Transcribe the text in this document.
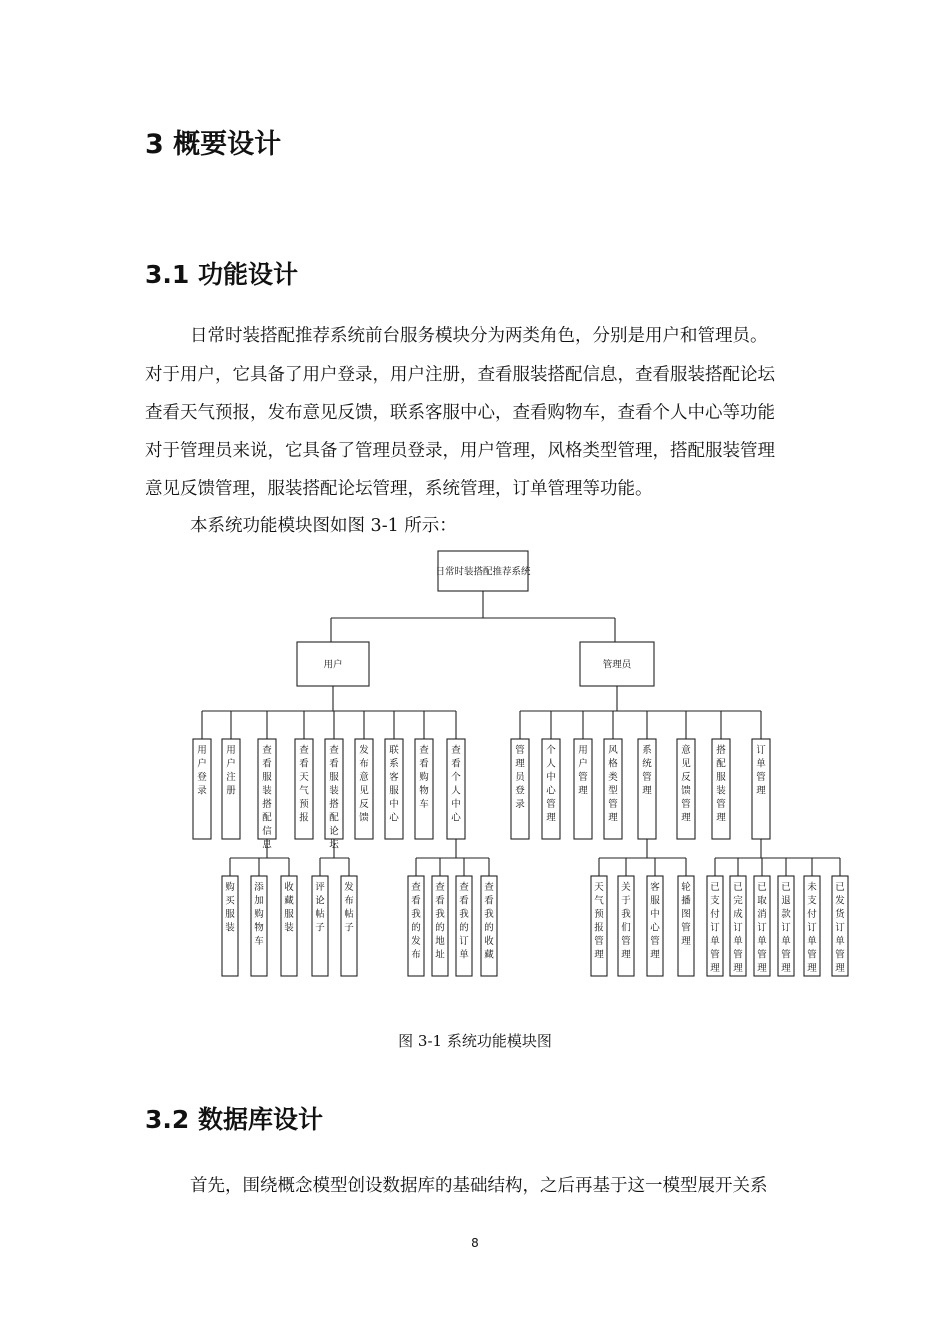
3 概要设计
3.1 功能设计
日常时装搭配推荐系统前台服务模块分为两类角色，分别是用户和管理员。
对于用户，它具备了用户登录，用户注册，查看服装搭配信息，查看服装搭配论坛
查看天气预报，发布意见反馈，联系客服中心，查看购物车，查看个人中心等功能
对于管理员来说，它具备了管理员登录，用户管理，风格类型管理，搭配服装管理
意见反馈管理，服装搭配论坛管理，系统管理，订单管理等功能。
本系统功能模块图如图 3-1 所示：
日常时装搭配推荐系统
用户	管理员
用户登录
用户注册
查看服装搭配信息
查看天气预报
查看服装搭配论坛
发布意见反馈
联系客服中心
查看购物车
查看个人中心
管理员登录
个人中心管理
用户管理
风格类型管理
系统管理
意见反馈管理
搭配服装管理
订单管理
购买服装
添加购物车
收藏服装
评论帖子
发布帖子
查看我的发布
查看我的地址
查看我的订单
查看我的收藏
天气预报管理
关于我们管理
客服中心管理
轮播图管理
已支付订单管理
已完成订单管理
已取消订单管理
已退款订单管理
未支付订单管理
已发货订单管理
图 3-1 系统功能模块图
3.2 数据库设计
首先，围绕概念模型创设数据库的基础结构，之后再基于这一模型展开关系
8
